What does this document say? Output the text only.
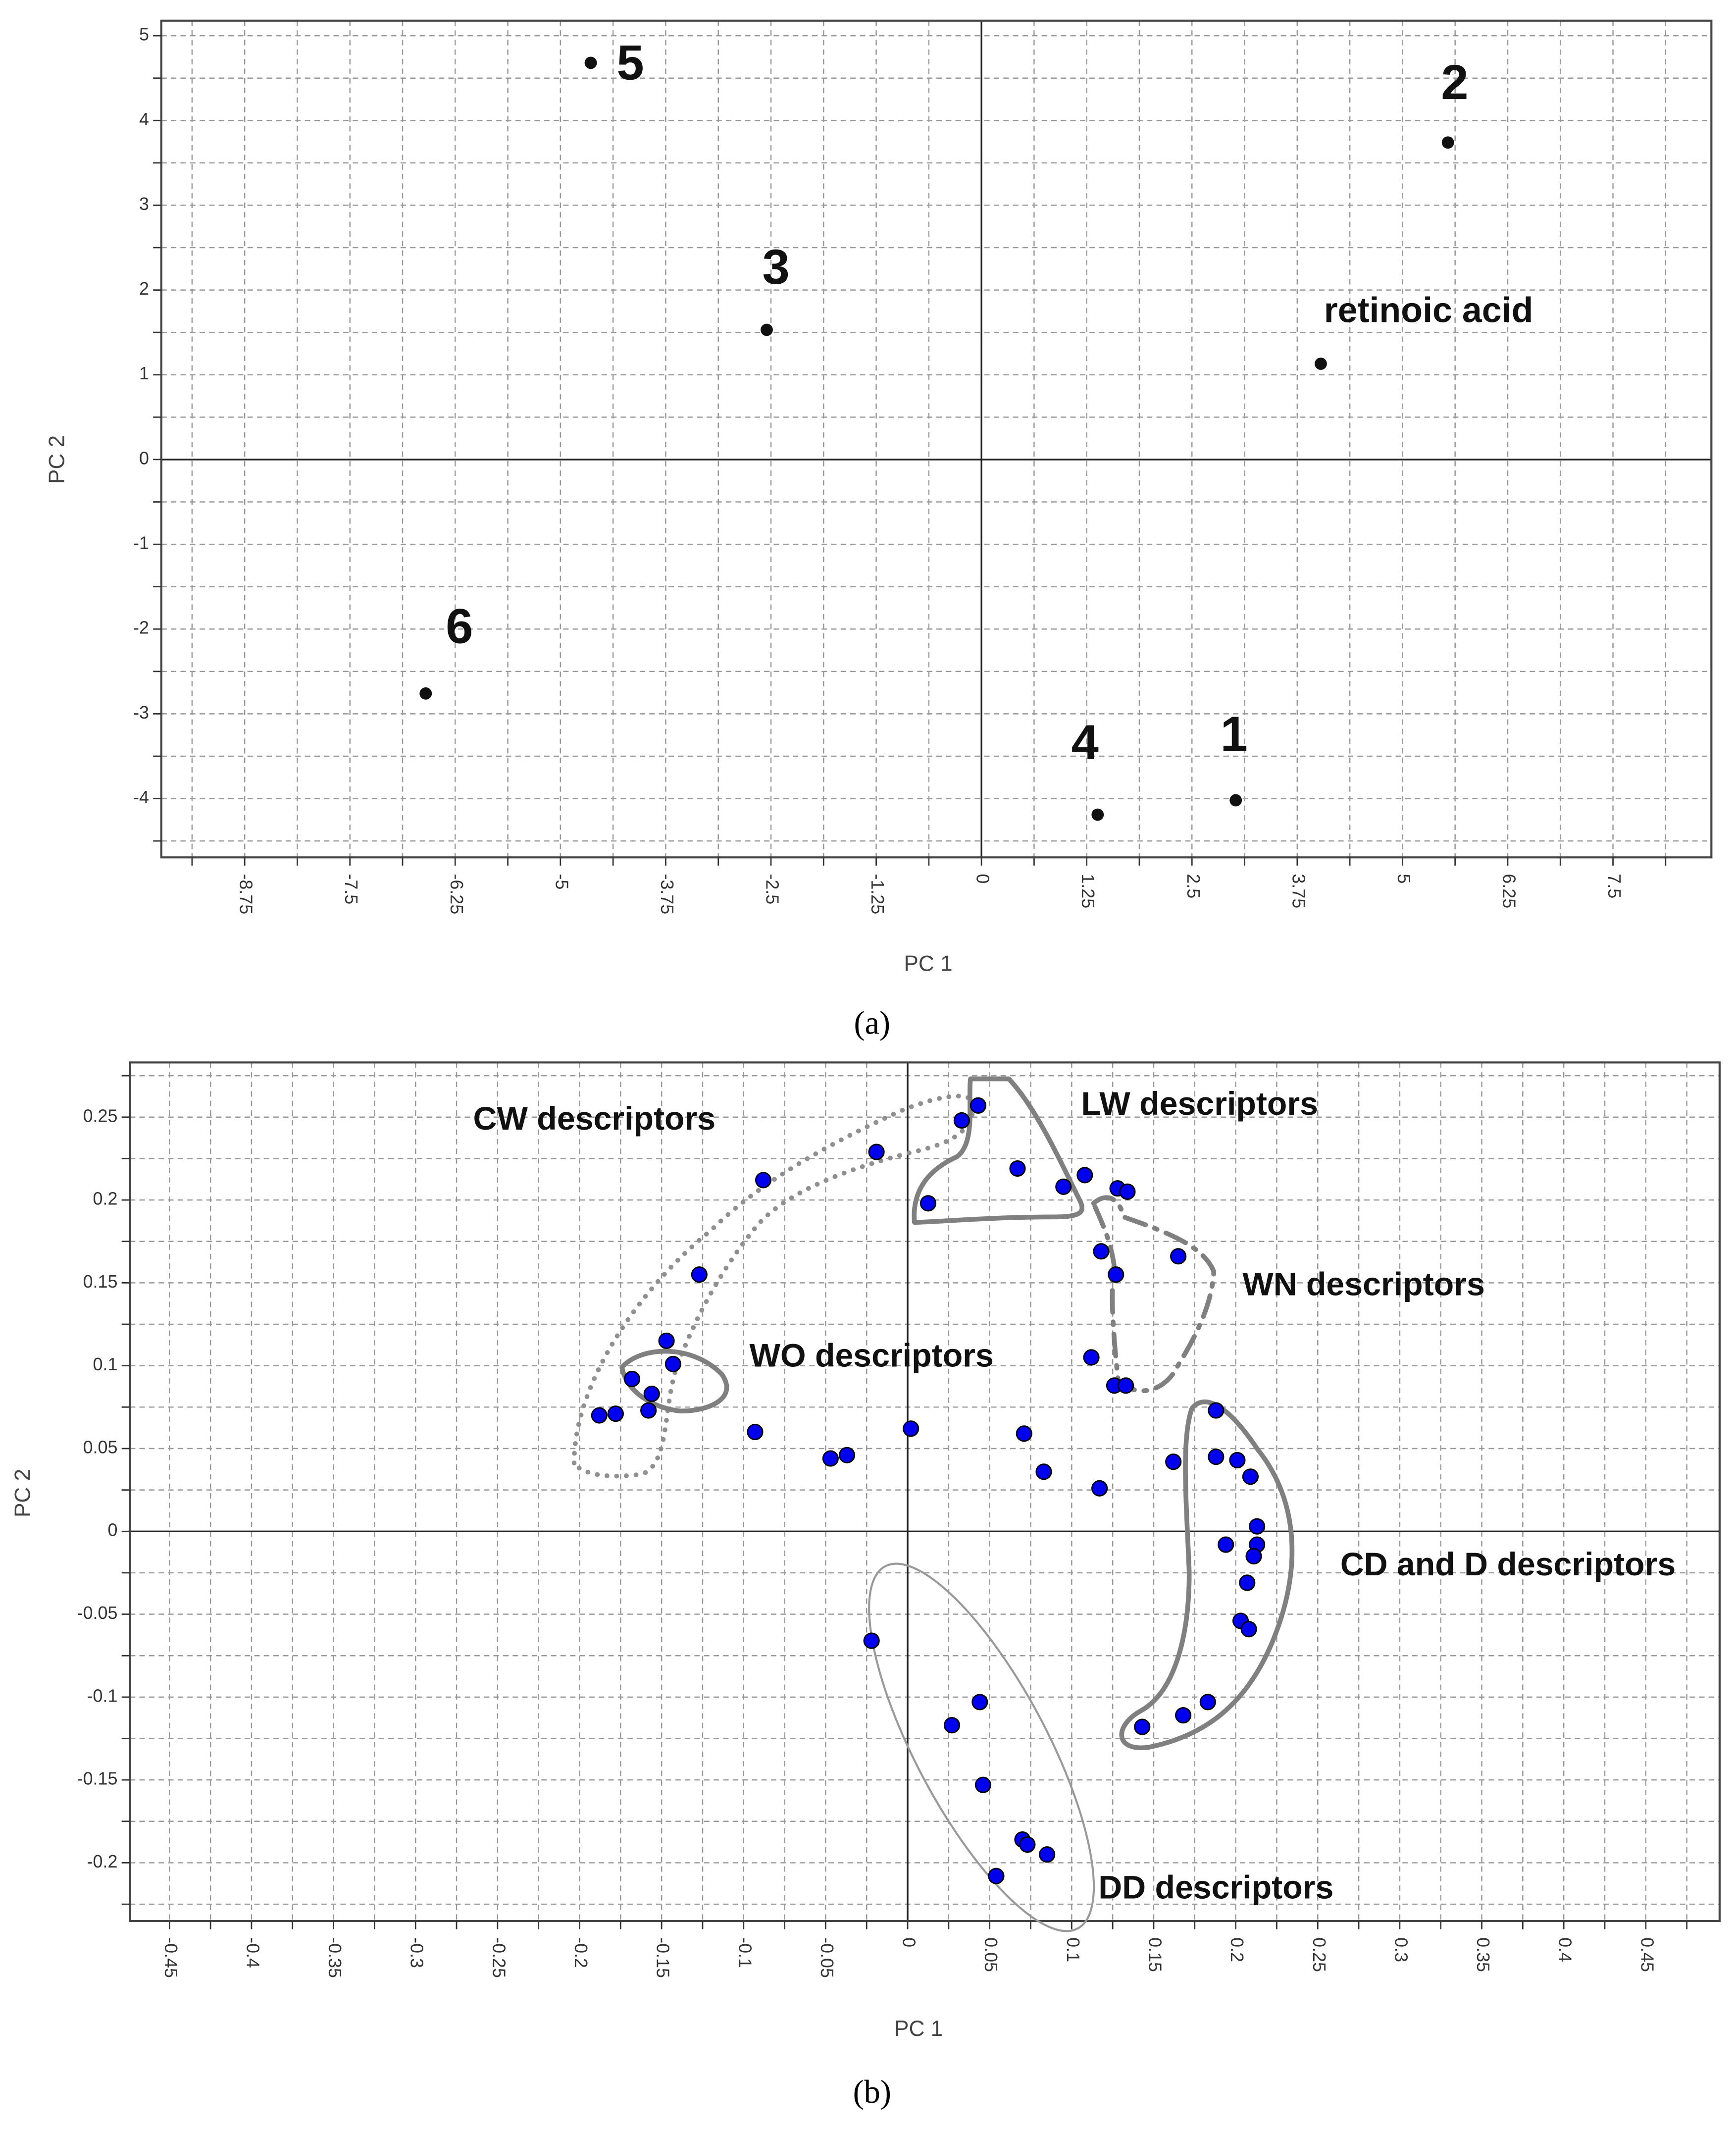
-8.75	-7.5	-6.25	-5	-3.75	-2.5	-1.25	0	1.25	2.5	3.75	5	6.25	7.5
-4
-3
-2
-1
0
1
2
3
4
5
PC 1
PC 2
5
3
2
retinoic acid
6
4	1
-0.45	-0.4	-0.35	-0.3	-0.25	-0.2	-0.15	-0.1	-0.05	0	0.05	0.1	0.15	0.2	0.25	0.3	0.35	0.4	0.45
-0.2
-0.15
-0.1
-0.05
0
0.05
0.1
0.15
0.2
0.25
PC 1
PC 2
CW descriptors	LW descriptors
WN descriptors
WO descriptors
CD and D descriptors
DD descriptors
(a)
(b)
